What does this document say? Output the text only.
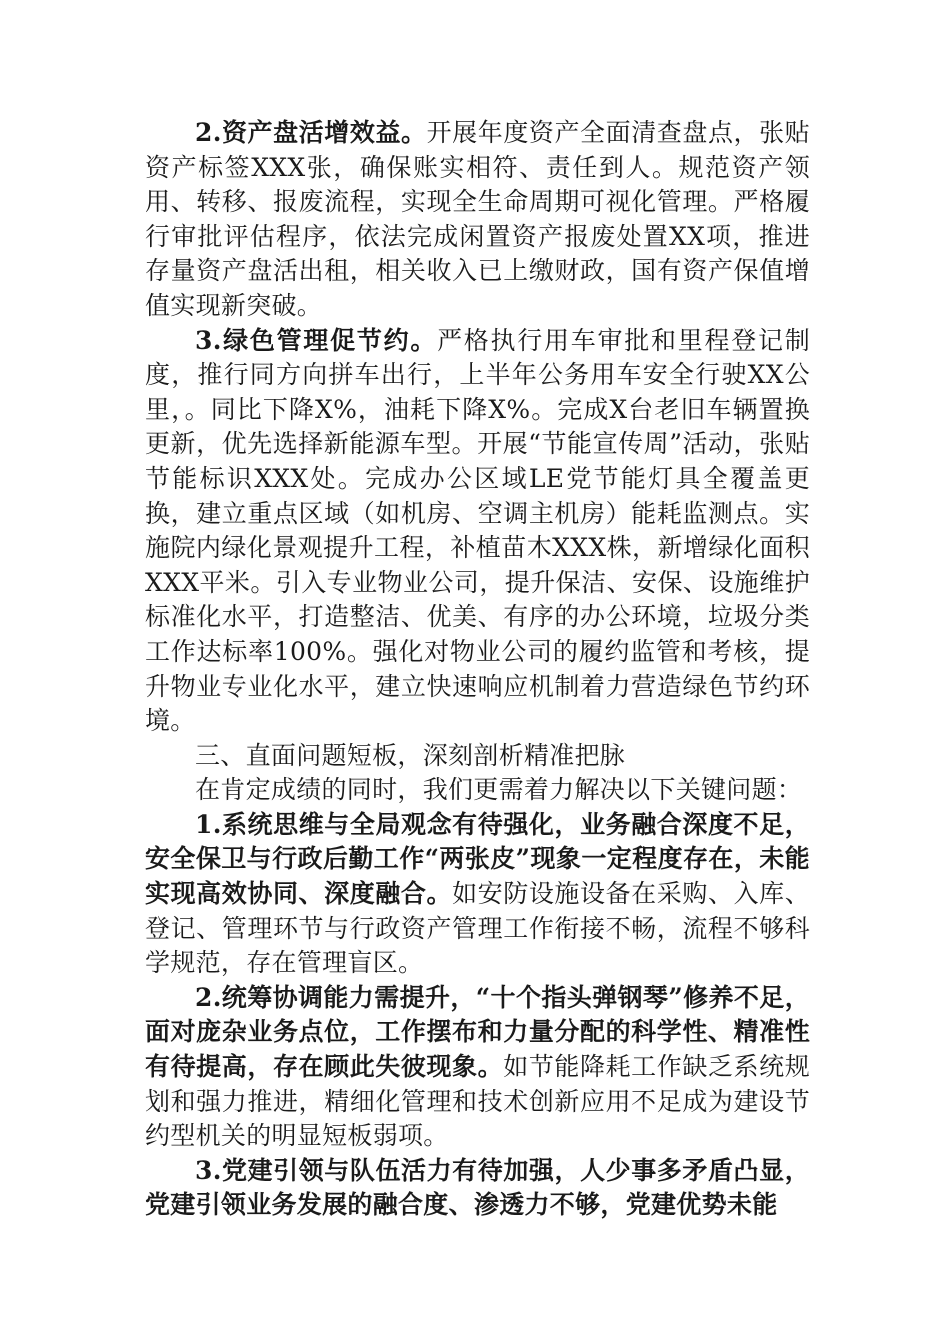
2.资产盘活增效益。开展年度资产全面清查盘点，张贴资产标签XXX张，确保账实相符、责任到人。规范资产领用、转移、报废流程，实现全生命周期可视化管理。严格履行审批评估程序，依法完成闲置资产报废处置XX项，推进存量资产盘活出租，相关收入已上缴财政，国有资产保值增值实现新突破。

3.绿色管理促节约。严格执行用车审批和里程登记制度，推行同方向拼车出行，上半年公务用车安全行驶XX公里，。同比下降X%，油耗下降X%。完成X台老旧车辆置换更新，优先选择新能源车型。开展“节能宣传周”活动，张贴节能标识XXX处。完成办公区域LE党节能灯具全覆盖更换，建立重点区域（如机房、空调主机房）能耗监测点。实施院内绿化景观提升工程，补植苗木XXX株，新增绿化面积XXX平米。引入专业物业公司，提升保洁、安保、设施维护标准化水平，打造整洁、优美、有序的办公环境，垃圾分类工作达标率100%。强化对物业公司的履约监管和考核，提升物业专业化水平，建立快速响应机制着力营造绿色节约环境。

三、直面问题短板，深刻剖析精准把脉

在肯定成绩的同时，我们更需着力解决以下关键问题：

1.系统思维与全局观念有待强化，业务融合深度不足，安全保卫与行政后勤工作“两张皮”现象一定程度存在，未能实现高效协同、深度融合。如安防设施设备在采购、入库、登记、管理环节与行政资产管理工作衔接不畅，流程不够科学规范，存在管理盲区。

2.统筹协调能力需提升，“十个指头弹钢琴”修养不足，面对庞杂业务点位，工作摆布和力量分配的科学性、精准性有待提高，存在顾此失彼现象。如节能降耗工作缺乏系统规划和强力推进，精细化管理和技术创新应用不足成为建设节约型机关的明显短板弱项。

3.党建引领与队伍活力有待加强，人少事多矛盾凸显，党建引领业务发展的融合度、渗透力不够，党建优势未能
